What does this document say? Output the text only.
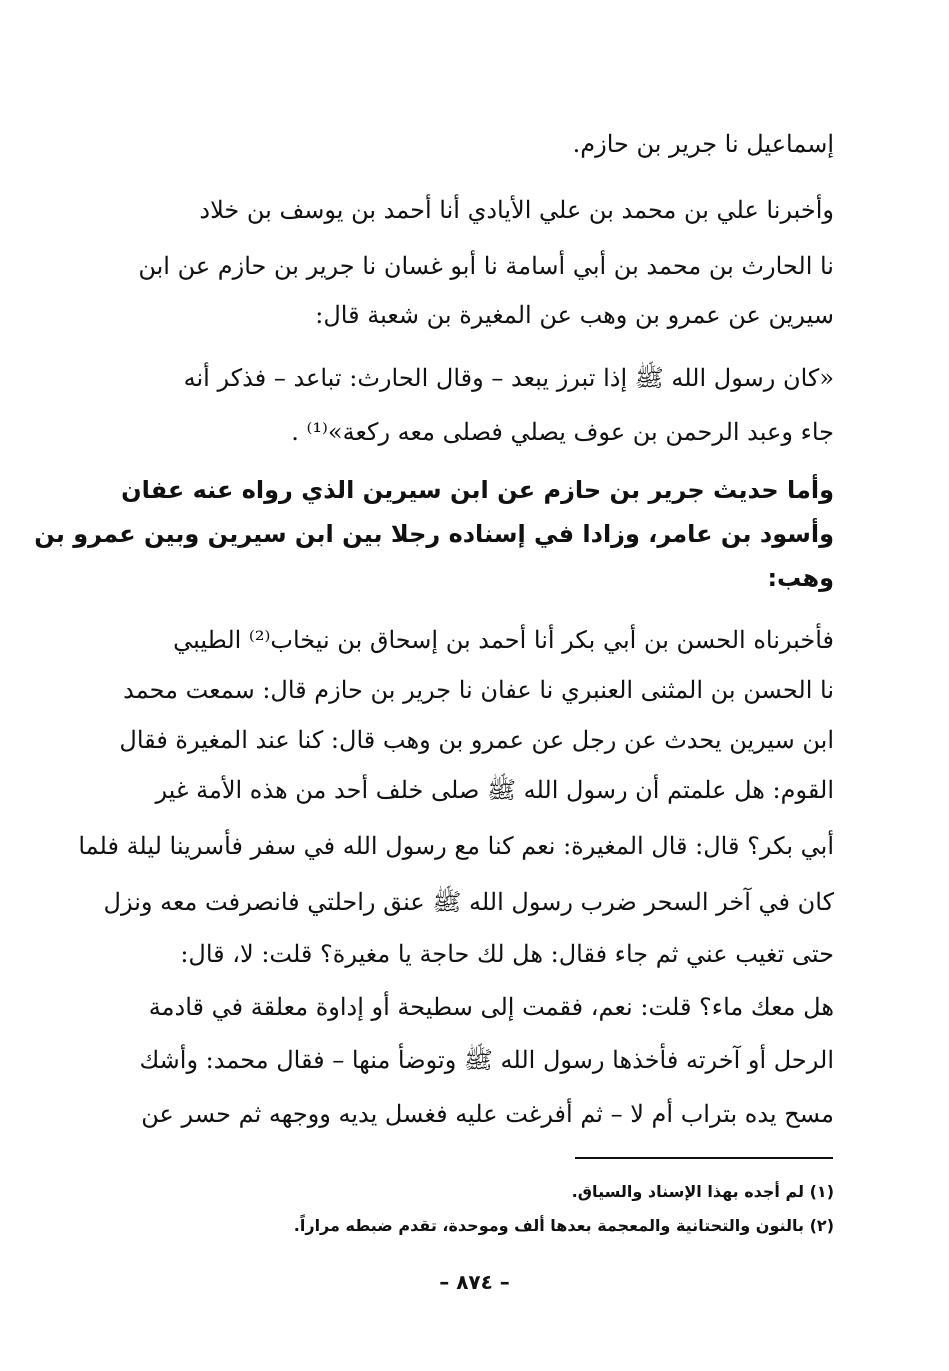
إسماعيل نا جرير بن حازم.
وأخبرنا علي بن محمد بن علي الأيادي أنا أحمد بن يوسف بن خلاد
نا الحارث بن محمد بن أبي أسامة نا أبو غسان نا جرير بن حازم عن ابن
سيرين عن عمرو بن وهب عن المغيرة بن شعبة قال:
«كان رسول الله ﷺ إذا تبرز يبعد – وقال الحارث: تباعد – فذكر أنه
جاء وعبد الرحمن بن عوف يصلي فصلى معه ركعة»⁽¹⁾ .
وأما حديث جرير بن حازم عن ابن سيرين الذي رواه عنه عفان
وأسود بن عامر، وزادا في إسناده رجلا بين ابن سيرين وبين عمرو بن
وهب:
فأخبرناه الحسن بن أبي بكر أنا أحمد بن إسحاق بن نيخاب⁽²⁾ الطيبي
نا الحسن بن المثنى العنبري نا عفان نا جرير بن حازم قال: سمعت محمد
ابن سيرين يحدث عن رجل عن عمرو بن وهب قال: كنا عند المغيرة فقال
القوم: هل علمتم أن رسول الله ﷺ صلى خلف أحد من هذه الأمة غير
أبي بكر؟ قال: قال المغيرة: نعم كنا مع رسول الله في سفر فأسرينا ليلة فلما
كان في آخر السحر ضرب رسول الله ﷺ عنق راحلتي فانصرفت معه ونزل
حتى تغيب عني ثم جاء فقال: هل لك حاجة يا مغيرة؟ قلت: لا، قال:
هل معك ماء؟ قلت: نعم، فقمت إلى سطيحة أو إداوة معلقة في قادمة
الرحل أو آخرته فأخذها رسول الله ﷺ وتوضأ منها – فقال محمد: وأشك
مسح يده بتراب أم لا – ثم أفرغت عليه فغسل يديه ووجهه ثم حسر عن
(١) لم أجده بهذا الإسناد والسياق.
(٢) بالنون والتحتانية والمعجمة بعدها ألف وموحدة، تقدم ضبطه مراراً.
– ٨٧٤ –
